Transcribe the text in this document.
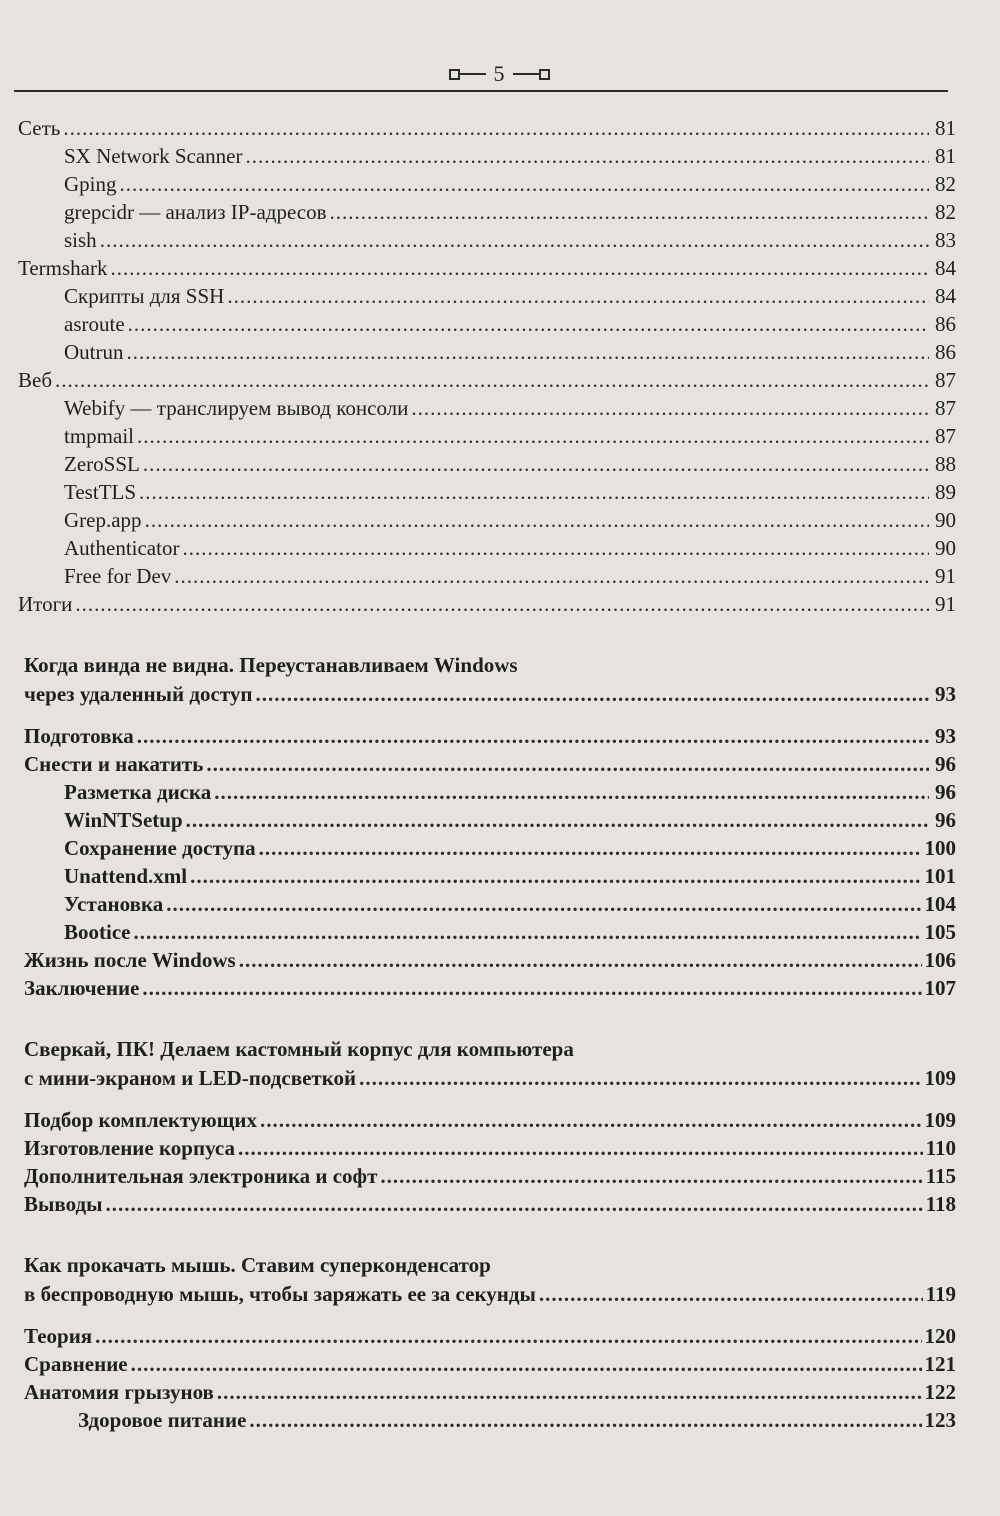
5
Сеть .....	81
SX Network Scanner .....	81
Gping .....	82
grepcidr — анализ IP-адресов .....	82
sish .....	83
Termshark .....	84
Скрипты для SSH .....	84
asroute .....	86
Outrun .....	86
Веб .....	87
Webify — транслируем вывод консоли .....	87
tmpmail .....	87
ZeroSSL .....	88
TestTLS .....	89
Grep.app .....	90
Authenticator .....	90
Free for Dev .....	91
Итоги .....	91
Когда винда не видна. Переустанавливаем Windows
через удаленный доступ .....	93
Подготовка .....	93
Снести и накатить .....	96
Разметка диска .....	96
WinNTSetup .....	96
Сохранение доступа .....	100
Unattend.xml .....	101
Установка .....	104
Bootice .....	105
Жизнь после Windows .....	106
Заключение .....	107
Сверкай, ПК! Делаем кастомный корпус для компьютера
с мини-экраном и LED-подсветкой .....	109
Подбор комплектующих .....	109
Изготовление корпуса .....	110
Дополнительная электроника и софт .....	115
Выводы .....	118
Как прокачать мышь. Ставим суперконденсатор
в беспроводную мышь, чтобы заряжать ее за секунды .....	119
Теория .....	120
Сравнение .....	121
Анатомия грызунов .....	122
Здоровое питание .....	123
